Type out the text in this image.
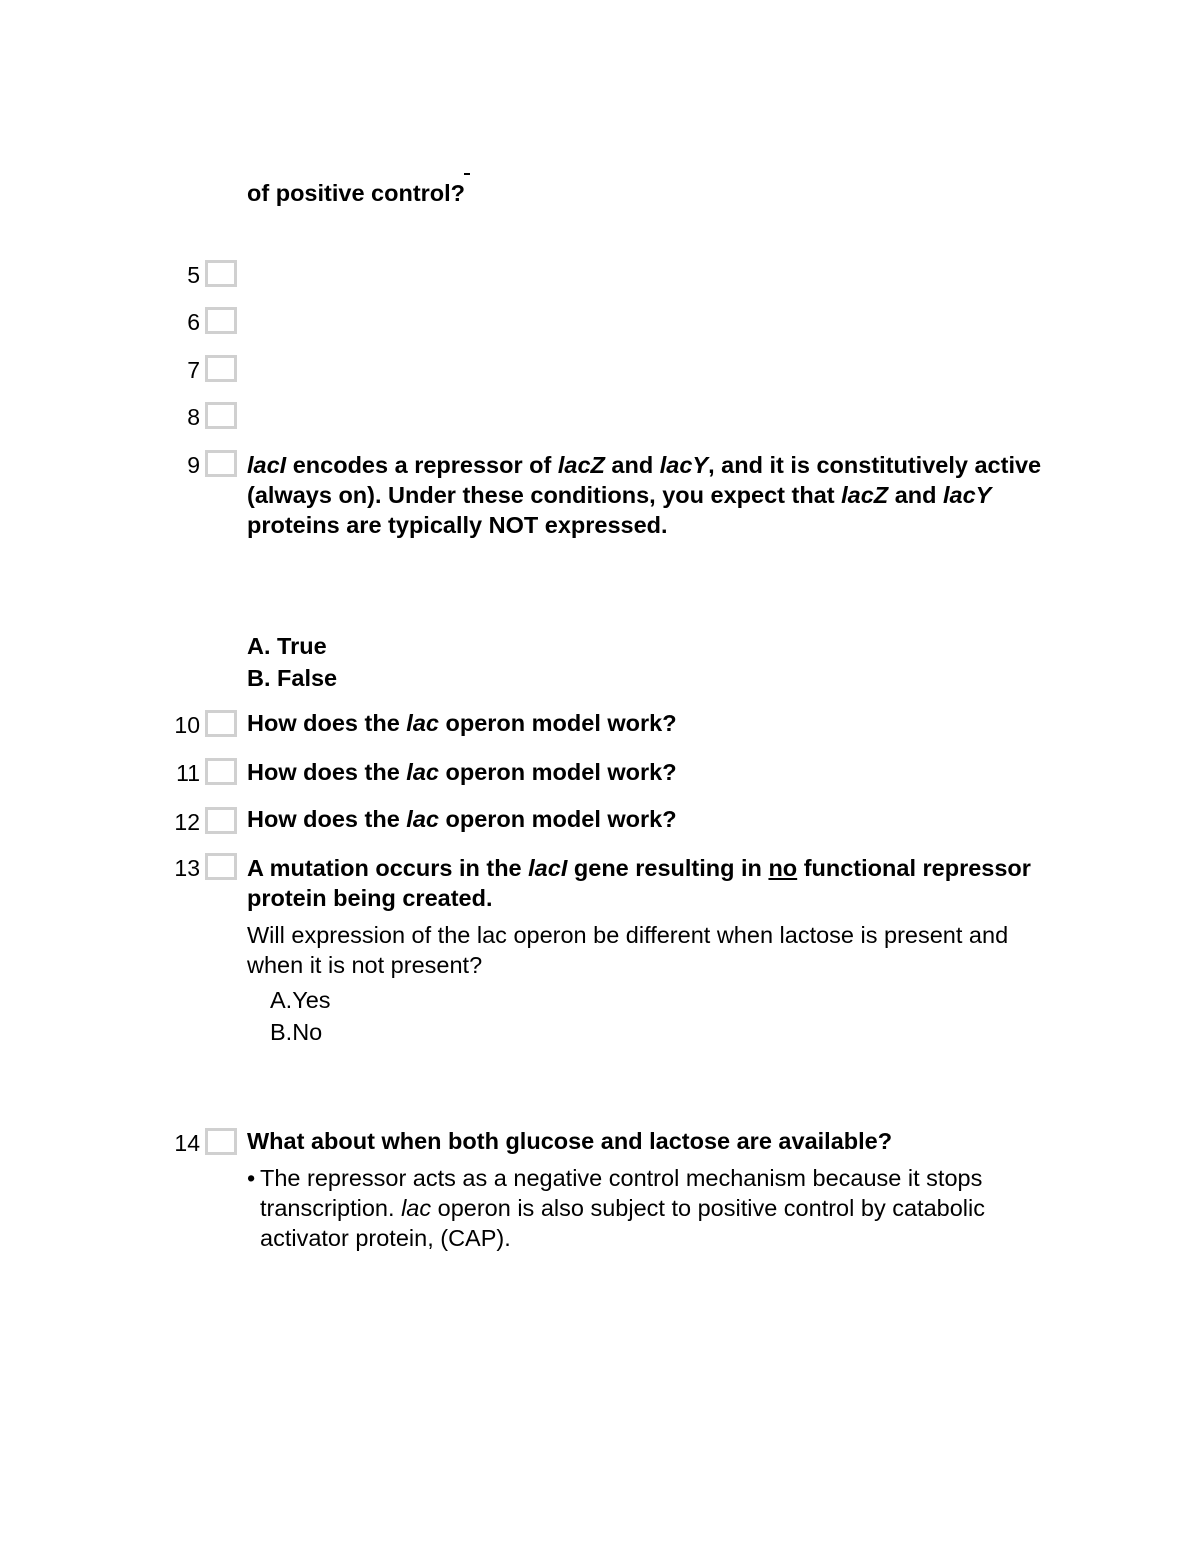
of positive control?
5
6
7
8
9 lacI encodes a repressor of lacZ and lacY, and it is constitutively active (always on). Under these conditions, you expect that lacZ and lacY proteins are typically NOT expressed.
A. True
B. False
10 How does the lac operon model work?
11 How does the lac operon model work?
12 How does the lac operon model work?
13 A mutation occurs in the lacI gene resulting in no functional repressor protein being created.
Will expression of the lac operon be different when lactose is present and when it is not present?
A.Yes
B.No
14 What about when both glucose and lactose are available?
• The repressor acts as a negative control mechanism because it stops transcription. lac operon is also subject to positive control by catabolic activator protein, (CAP).
